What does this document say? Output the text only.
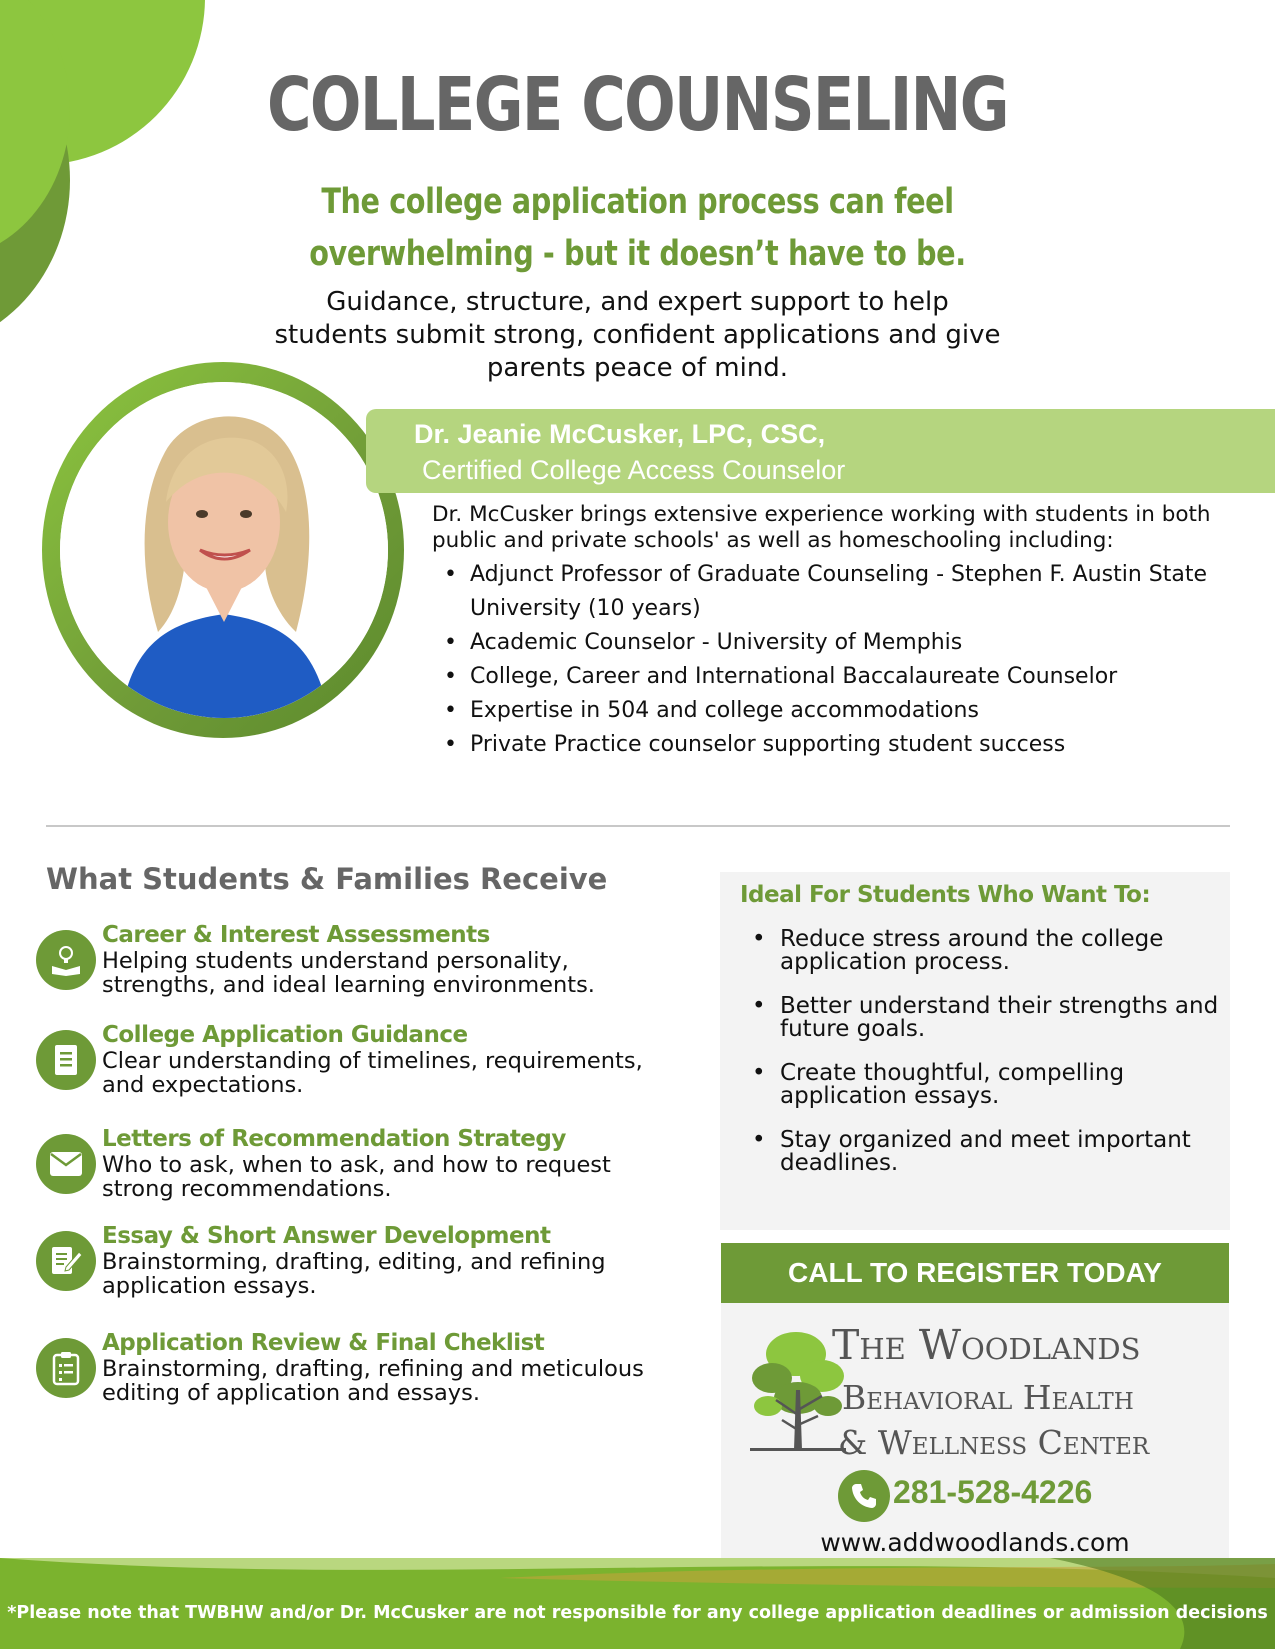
COLLEGE COUNSELING
The college application process can feel overwhelming - but it doesn’t have to be.

Guidance, structure, and expert support to help students submit strong, confident applications and give parents peace of mind.

Dr. Jeanie McCusker, LPC, CSC,
Certified College Access Counselor

Dr. McCusker brings extensive experience working with students in both public and private schools' as well as homeschooling including:

• Adjunct Professor of Graduate Counseling - Stephen F. Austin State University (10 years)
• Academic Counselor - University of Memphis
• College, Career and International Baccalaureate Counselor
• Expertise in 504 and college accommodations
• Private Practice counselor supporting student success
What Students & Families Receive
Career & Interest Assessments
Helping students understand personality, strengths, and ideal learning environments.
College Application Guidance
Clear understanding of timelines, requirements, and expectations.
Letters of Recommendation Strategy
Who to ask, when to ask, and how to request strong recommendations.
Essay & Short Answer Development
Brainstorming, drafting, editing, and refining application essays.
Application Review & Final Cheklist
Brainstorming, drafting, refining and meticulous editing of application and essays.
Ideal For Students Who Want To:
• Reduce stress around the college application process.
• Better understand their strengths and future goals.
• Create thoughtful, compelling application essays.
• Stay organized and meet important deadlines.
CALL TO REGISTER TODAY
The Woodlands
Behavioral Health
& Wellness Center
281-528-4226
www.addwoodlands.com
*Please note that TWBHW and/or Dr. McCusker are not responsible for any college application deadlines or admission decisions
